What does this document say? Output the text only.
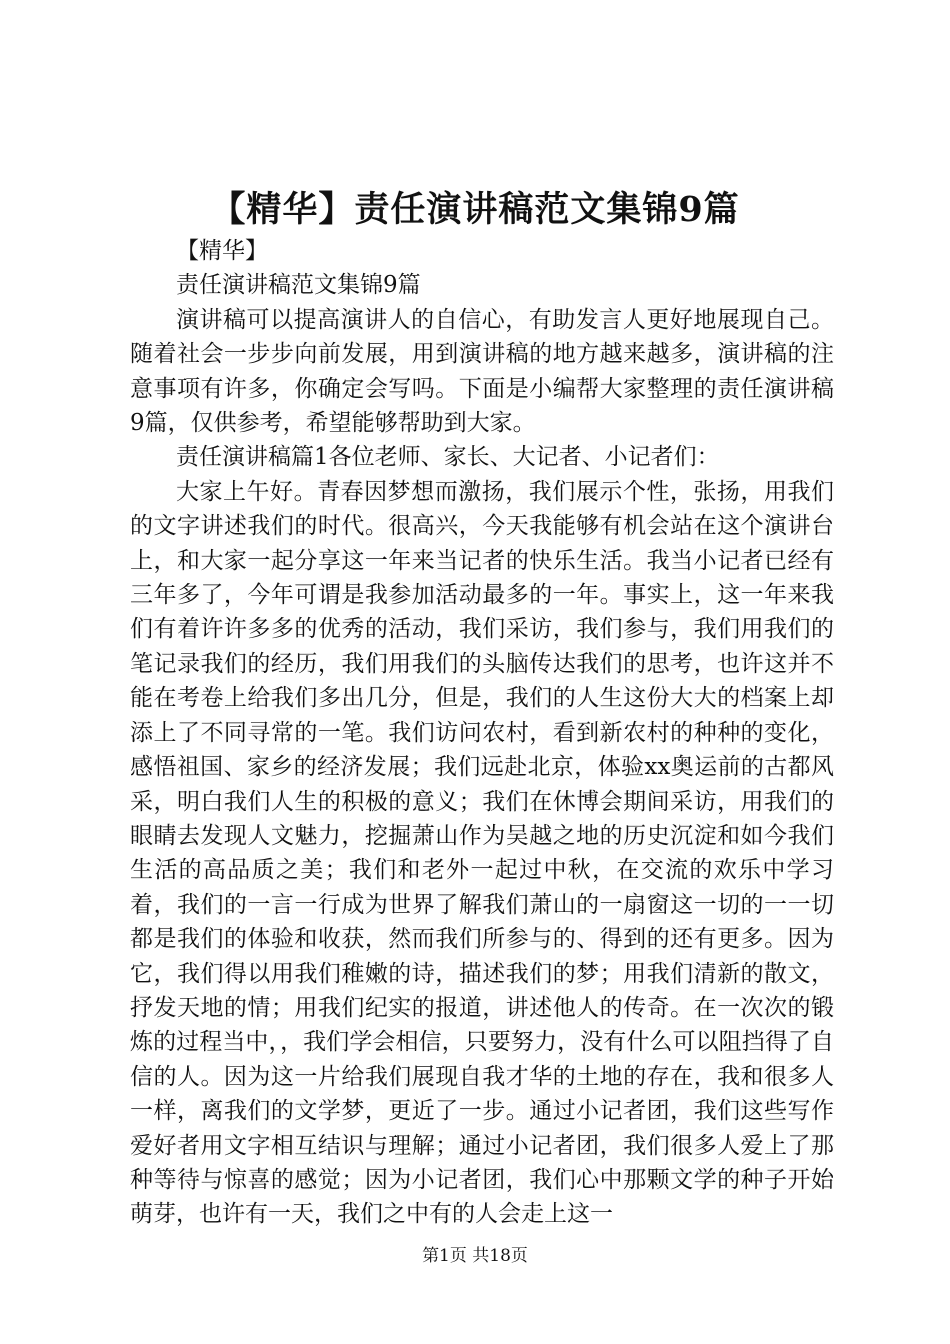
【精华】责任演讲稿范文集锦9篇

【精华】

责任演讲稿范文集锦9篇

演讲稿可以提高演讲人的自信心，有助发言人更好地展现自己。随着社会一步步向前发展，用到演讲稿的地方越来越多，演讲稿的注意事项有许多，你确定会写吗。下面是小编帮大家整理的责任演讲稿9篇，仅供参考，希望能够帮助到大家。

责任演讲稿篇1各位老师、家长、大记者、小记者们：

大家上午好。青春因梦想而激扬，我们展示个性，张扬，用我们的文字讲述我们的时代。很高兴，今天我能够有机会站在这个演讲台上，和大家一起分享这一年来当记者的快乐生活。我当小记者已经有三年多了，今年可谓是我参加活动最多的一年。事实上，这一年来我们有着许许多多的优秀的活动，我们采访，我们参与，我们用我们的笔记录我们的经历，我们用我们的头脑传达我们的思考，也许这并不能在考卷上给我们多出几分，但是，我们的人生这份大大的档案上却添上了不同寻常的一笔。我们访问农村，看到新农村的种种的变化，感悟祖国、家乡的经济发展；我们远赴北京，体验xx奥运前的古都风采，明白我们人生的积极的意义；我们在休博会期间采访，用我们的眼睛去发现人文魅力，挖掘萧山作为吴越之地的历史沉淀和如今我们生活的高品质之美；我们和老外一起过中秋，在交流的欢乐中学习着，我们的一言一行成为世界了解我们萧山的一扇窗这一切的一一切都是我们的体验和收获，然而我们所参与的、得到的还有更多。因为它，我们得以用我们稚嫩的诗，描述我们的梦；用我们清新的散文，抒发天地的情；用我们纪实的报道，讲述他人的传奇。在一次次的锻炼的过程当中，，我们学会相信，只要努力，没有什么可以阻挡得了自信的人。因为这一片给我们展现自我才华的土地的存在，我和很多人一样，离我们的文学梦，更近了一步。通过小记者团，我们这些写作爱好者用文字相互结识与理解；通过小记者团，我们很多人爱上了那种等待与惊喜的感觉；因为小记者团，我们心中那颗文学的种子开始萌芽，也许有一天，我们之中有的人会走上这一

第1页 共18页
